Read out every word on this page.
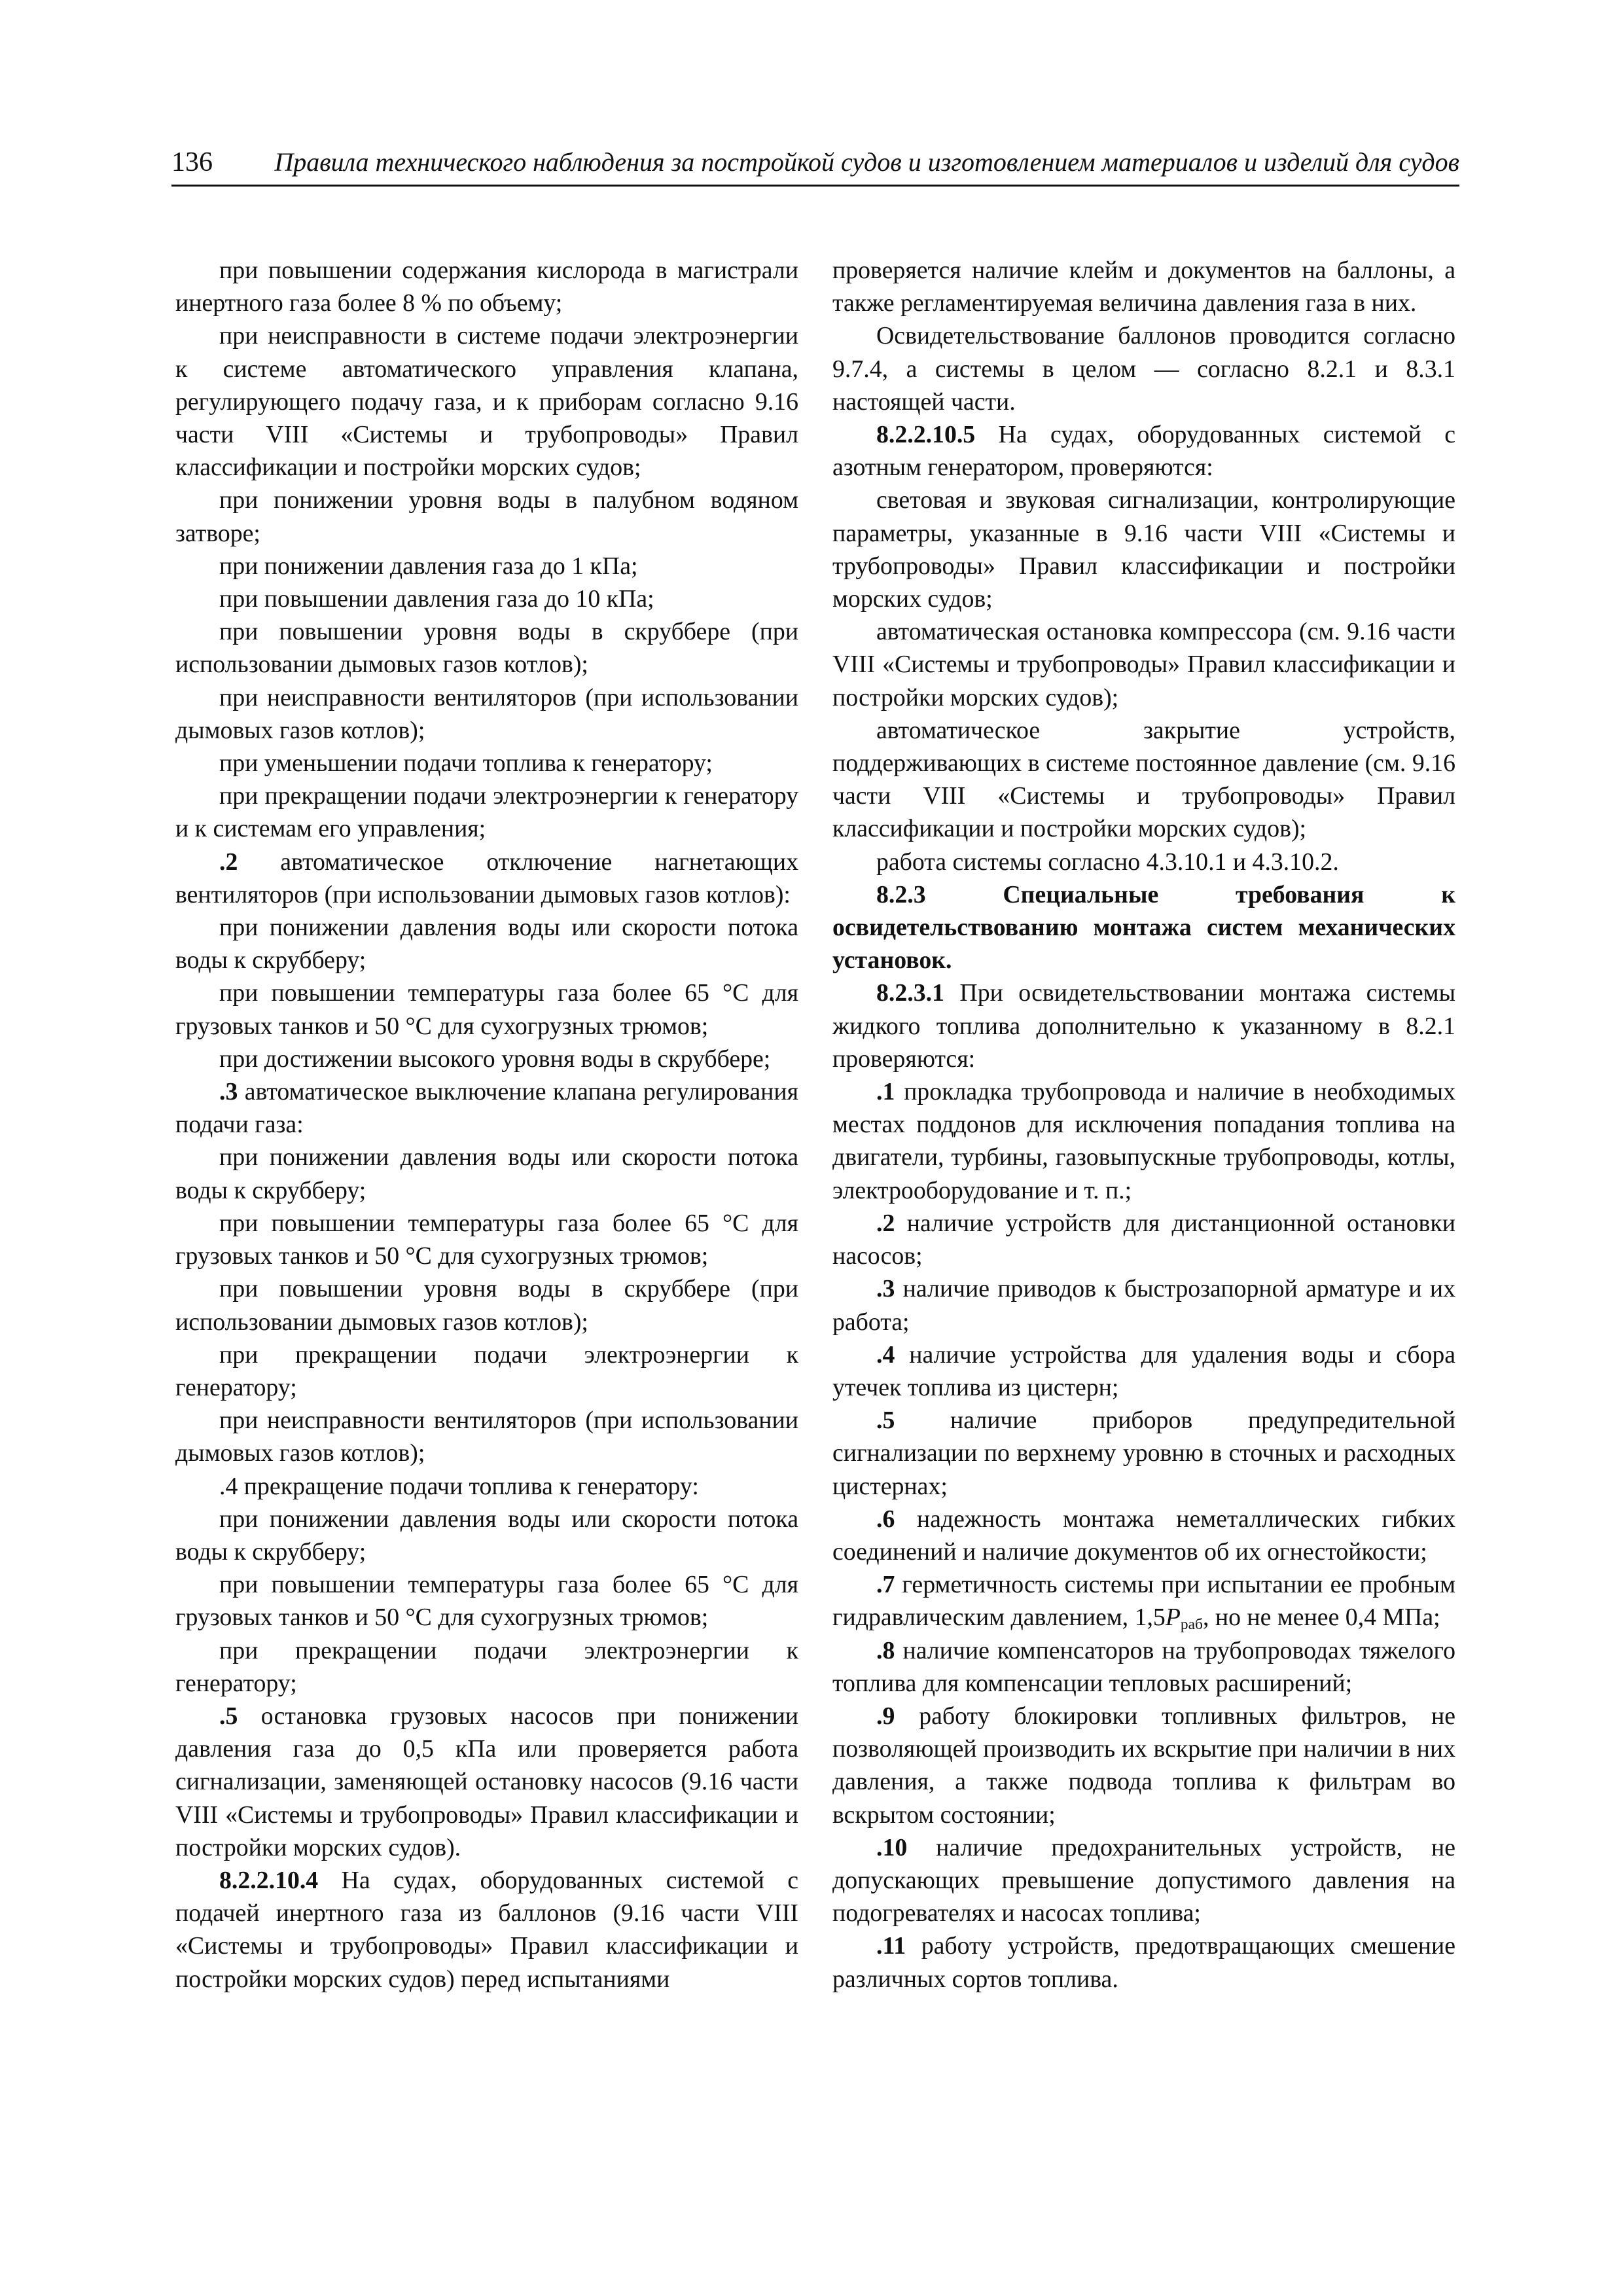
136	Правила технического наблюдения за постройкой судов и изготовлением материалов и изделий для судов

при повышении содержания кислорода в магистрали инертного газа более 8 % по объему;

при неисправности в системе подачи электроэнергии к системе автоматического управления клапана, регулирующего подачу газа, и к приборам согласно 9.16 части VIII «Системы и трубопроводы» Правил классификации и постройки морских судов;

при понижении уровня воды в палубном водяном затворе;

при понижении давления газа до 1 кПа;

при повышении давления газа до 10 кПа;

при повышении уровня воды в скруббере (при использовании дымовых газов котлов);

при неисправности вентиляторов (при использовании дымовых газов котлов);

при уменьшении подачи топлива к генератору;

при прекращении подачи электроэнергии к генератору и к системам его управления;

.2 автоматическое отключение нагнетающих вентиляторов (при использовании дымовых газов котлов):

при понижении давления воды или скорости потока воды к скрубберу;

при повышении температуры газа более 65 °С для грузовых танков и 50 °С для сухогрузных трюмов;

при достижении высокого уровня воды в скруббере;

.3 автоматическое выключение клапана регулирования подачи газа:

при понижении давления воды или скорости потока воды к скрубберу;

при повышении температуры газа более 65 °С для грузовых танков и 50 °С для сухогрузных трюмов;

при повышении уровня воды в скруббере (при использовании дымовых газов котлов);

при прекращении подачи электроэнергии к генератору;

при неисправности вентиляторов (при использовании дымовых газов котлов);

.4 прекращение подачи топлива к генератору:

при понижении давления воды или скорости потока воды к скрубберу;

при повышении температуры газа более 65 °С для грузовых танков и 50 °С для сухогрузных трюмов;

при прекращении подачи электроэнергии к генератору;

.5 остановка грузовых насосов при понижении давления газа до 0,5 кПа или проверяется работа сигнализации, заменяющей остановку насосов (9.16 части VIII «Системы и трубопроводы» Правил классификации и постройки морских судов).

8.2.2.10.4 На судах, оборудованных системой с подачей инертного газа из баллонов (9.16 части VIII «Системы и трубопроводы» Правил классификации и постройки морских судов) перед испытаниями

проверяется наличие клейм и документов на баллоны, а также регламентируемая величина давления газа в них.

Освидетельствование баллонов проводится согласно 9.7.4, а системы в целом — согласно 8.2.1 и 8.3.1 настоящей части.

8.2.2.10.5 На судах, оборудованных системой с азотным генератором, проверяются:

световая и звуковая сигнализации, контролирующие параметры, указанные в 9.16 части VIII «Системы и трубопроводы» Правил классификации и постройки морских судов;

автоматическая остановка компрессора (см. 9.16 части VIII «Системы и трубопроводы» Правил классификации и постройки морских судов);

автоматическое закрытие устройств, поддерживающих в системе постоянное давление (см. 9.16 части VIII «Системы и трубопроводы» Правил классификации и постройки морских судов);

работа системы согласно 4.3.10.1 и 4.3.10.2.

8.2.3 Специальные требования к освидетельствованию монтажа систем механических установок.

8.2.3.1 При освидетельствовании монтажа системы жидкого топлива дополнительно к указанному в 8.2.1 проверяются:

.1 прокладка трубопровода и наличие в необходимых местах поддонов для исключения попадания топлива на двигатели, турбины, газовыпускные трубопроводы, котлы, электрооборудование и т. п.;

.2 наличие устройств для дистанционной остановки насосов;

.3 наличие приводов к быстрозапорной арматуре и их работа;

.4 наличие устройства для удаления воды и сбора утечек топлива из цистерн;

.5 наличие приборов предупредительной сигнализации по верхнему уровню в сточных и расходных цистернах;

.6 надежность монтажа неметаллических гибких соединений и наличие документов об их огнестойкости;

.7 герметичность системы при испытании ее пробным гидравлическим давлением, $1,5P_{раб}$, но не менее 0,4 МПа;

.8 наличие компенсаторов на трубопроводах тяжелого топлива для компенсации тепловых расширений;

.9 работу блокировки топливных фильтров, не позволяющей производить их вскрытие при наличии в них давления, а также подвода топлива к фильтрам во вскрытом состоянии;

.10 наличие предохранительных устройств, не допускающих превышение допустимого давления на подогревателях и насосах топлива;

.11 работу устройств, предотвращающих смешение различных сортов топлива.
